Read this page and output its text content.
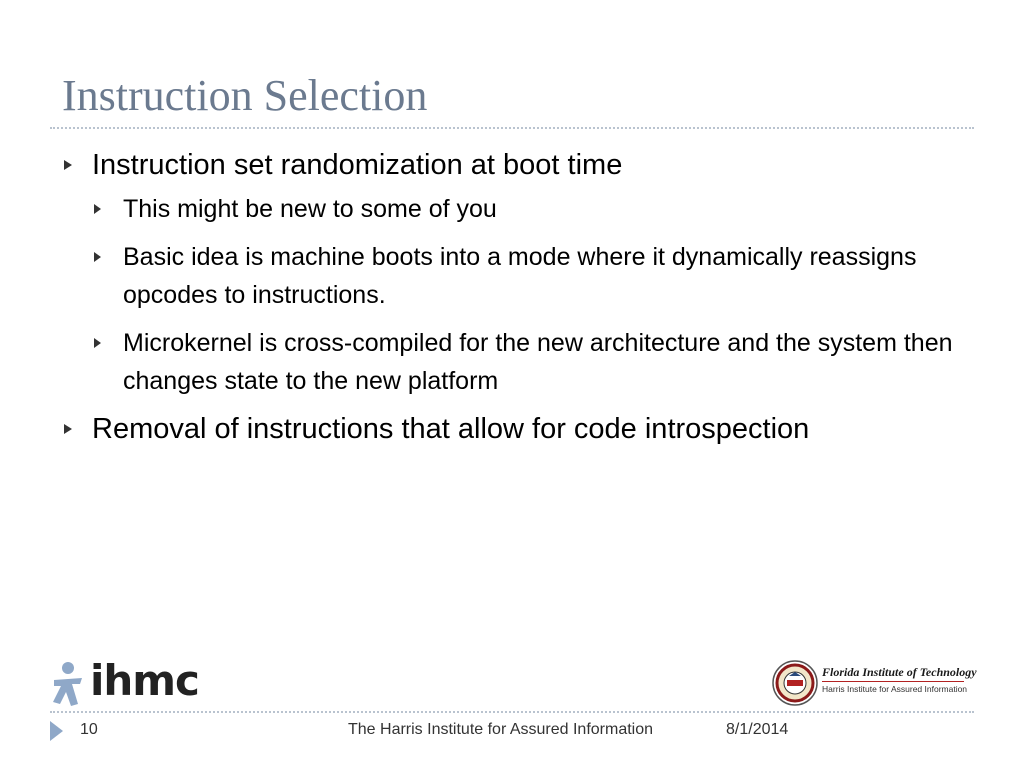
Instruction Selection
Instruction set randomization at boot time
This might be new to some of you
Basic idea is machine boots into a mode where it dynamically reassigns opcodes to instructions.
Microkernel is cross-compiled for the new architecture and the system then changes state to the new platform
Removal of instructions that allow for code introspection
ihmc	Florida Institute of Technology
Harris Institute for Assured Information
10	The Harris Institute for Assured Information	8/1/2014
